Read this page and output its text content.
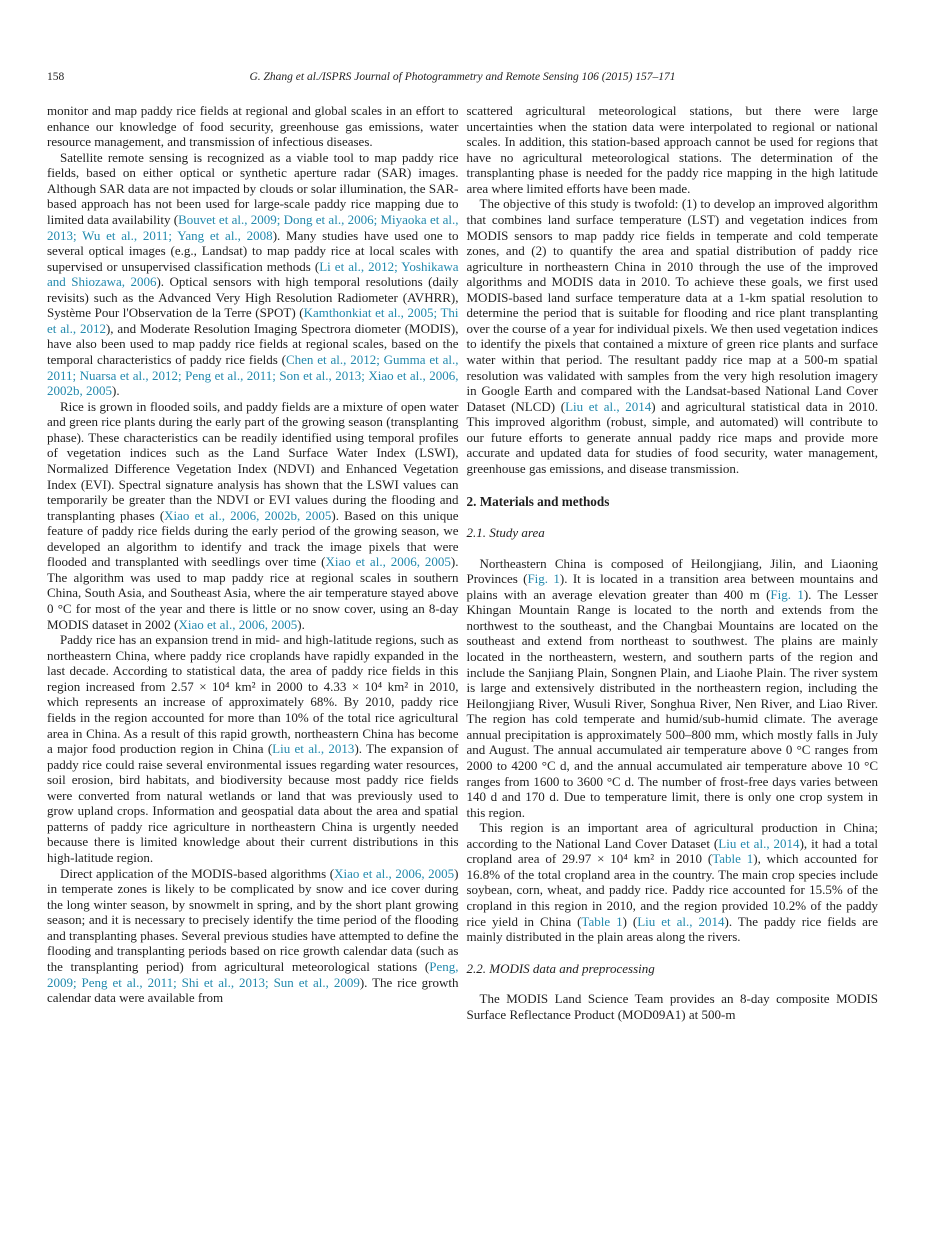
158	G. Zhang et al./ISPRS Journal of Photogrammetry and Remote Sensing 106 (2015) 157–171

monitor and map paddy rice fields at regional and global scales in an effort to enhance our knowledge of food security, greenhouse gas emissions, water resource management, and transmission of infectious diseases.

Satellite remote sensing is recognized as a viable tool to map paddy rice fields, based on either optical or synthetic aperture radar (SAR) images. Although SAR data are not impacted by clouds or solar illumination, the SAR-based approach has not been used for large-scale paddy rice mapping due to limited data availability (Bouvet et al., 2009; Dong et al., 2006; Miyaoka et al., 2013; Wu et al., 2011; Yang et al., 2008). Many studies have used one to several optical images (e.g., Landsat) to map paddy rice at local scales with supervised or unsupervised classification methods (Li et al., 2012; Yoshikawa and Shiozawa, 2006). Optical sensors with high temporal resolutions (daily revisits) such as the Advanced Very High Resolution Radiometer (AVHRR), Système Pour l'Observation de la Terre (SPOT) (Kamthonkiat et al., 2005; Thi et al., 2012), and Moderate Resolution Imaging Spectrora diometer (MODIS), have also been used to map paddy rice fields at regional scales, based on the temporal characteristics of paddy rice fields (Chen et al., 2012; Gumma et al., 2011; Nuarsa et al., 2012; Peng et al., 2011; Son et al., 2013; Xiao et al., 2006, 2002b, 2005).

Rice is grown in flooded soils, and paddy fields are a mixture of open water and green rice plants during the early part of the growing season (transplanting phase). These characteristics can be readily identified using temporal profiles of vegetation indices such as the Land Surface Water Index (LSWI), Normalized Difference Vegetation Index (NDVI) and Enhanced Vegetation Index (EVI). Spectral signature analysis has shown that the LSWI values can temporarily be greater than the NDVI or EVI values during the flooding and transplanting phases (Xiao et al., 2006, 2002b, 2005). Based on this unique feature of paddy rice fields during the early period of the growing season, we developed an algorithm to identify and track the image pixels that were flooded and transplanted with seedlings over time (Xiao et al., 2006, 2005). The algorithm was used to map paddy rice at regional scales in southern China, South Asia, and Southeast Asia, where the air temperature stayed above 0 °C for most of the year and there is little or no snow cover, using an 8-day MODIS dataset in 2002 (Xiao et al., 2006, 2005).

Paddy rice has an expansion trend in mid- and high-latitude regions, such as northeastern China, where paddy rice croplands have rapidly expanded in the last decade. According to statistical data, the area of paddy rice fields in this region increased from 2.57 × 10⁴ km² in 2000 to 4.33 × 10⁴ km² in 2010, which represents an increase of approximately 68%. By 2010, paddy rice fields in the region accounted for more than 10% of the total rice agricultural area in China. As a result of this rapid growth, northeastern China has become a major food production region in China (Liu et al., 2013). The expansion of paddy rice could raise several environmental issues regarding water resources, soil erosion, bird habitats, and biodiversity because most paddy rice fields were converted from natural wetlands or land that was previously used to grow upland crops. Information and geospatial data about the area and spatial patterns of paddy rice agriculture in northeastern China is urgently needed because there is limited knowledge about their current distributions in this high-latitude region.

Direct application of the MODIS-based algorithms (Xiao et al., 2006, 2005) in temperate zones is likely to be complicated by snow and ice cover during the long winter season, by snowmelt in spring, and by the short plant growing season; and it is necessary to precisely identify the time period of the flooding and transplanting phases. Several previous studies have attempted to define the flooding and transplanting periods based on rice growth calendar data (such as the transplanting period) from agricultural meteorological stations (Peng, 2009; Peng et al., 2011; Shi et al., 2013; Sun et al., 2009). The rice growth calendar data were available from

scattered agricultural meteorological stations, but there were large uncertainties when the station data were interpolated to regional or national scales. In addition, this station-based approach cannot be used for regions that have no agricultural meteorological stations. The determination of the transplanting phase is needed for the paddy rice mapping in the high latitude area where limited efforts have been made.

The objective of this study is twofold: (1) to develop an improved algorithm that combines land surface temperature (LST) and vegetation indices from MODIS sensors to map paddy rice fields in temperate and cold temperate zones, and (2) to quantify the area and spatial distribution of paddy rice agriculture in northeastern China in 2010 through the use of the improved algorithms and MODIS data in 2010. To achieve these goals, we first used MODIS-based land surface temperature data at a 1-km spatial resolution to determine the period that is suitable for flooding and rice plant transplanting over the course of a year for individual pixels. We then used vegetation indices to identify the pixels that contained a mixture of green rice plants and surface water within that period. The resultant paddy rice map at a 500-m spatial resolution was validated with samples from the very high resolution imagery in Google Earth and compared with the Landsat-based National Land Cover Dataset (NLCD) (Liu et al., 2014) and agricultural statistical data in 2010. This improved algorithm (robust, simple, and automated) will contribute to our future efforts to generate annual paddy rice maps and provide more accurate and updated data for studies of food security, water management, greenhouse gas emissions, and disease transmission.

2. Materials and methods
2.1. Study area

Northeastern China is composed of Heilongjiang, Jilin, and Liaoning Provinces (Fig. 1). It is located in a transition area between mountains and plains with an average elevation greater than 400 m (Fig. 1). The Lesser Khingan Mountain Range is located to the north and extends from the northwest to the southeast, and the Changbai Mountains are located on the southeast and extend from northeast to southwest. The plains are mainly located in the northeastern, western, and southern parts of the region and include the Sanjiang Plain, Songnen Plain, and Liaohe Plain. The river system is large and extensively distributed in the northeastern region, including the Heilongjiang River, Wusuli River, Songhua River, Nen River, and Liao River. The region has cold temperate and humid/sub-humid climate. The average annual precipitation is approximately 500–800 mm, which mostly falls in July and August. The annual accumulated air temperature above 0 °C ranges from 2000 to 4200 °C d, and the annual accumulated air temperature above 10 °C ranges from 1600 to 3600 °C d. The number of frost-free days varies between 140 d and 170 d. Due to temperature limit, there is only one crop system in this region.

This region is an important area of agricultural production in China; according to the National Land Cover Dataset (Liu et al., 2014), it had a total cropland area of 29.97 × 10⁴ km² in 2010 (Table 1), which accounted for 16.8% of the total cropland area in the country. The main crop species include soybean, corn, wheat, and paddy rice. Paddy rice accounted for 15.5% of the cropland in this region in 2010, and the region provided 10.2% of the paddy rice yield in China (Table 1) (Liu et al., 2014). The paddy rice fields are mainly distributed in the plain areas along the rivers.

2.2. MODIS data and preprocessing

The MODIS Land Science Team provides an 8-day composite MODIS Surface Reflectance Product (MOD09A1) at 500-m
